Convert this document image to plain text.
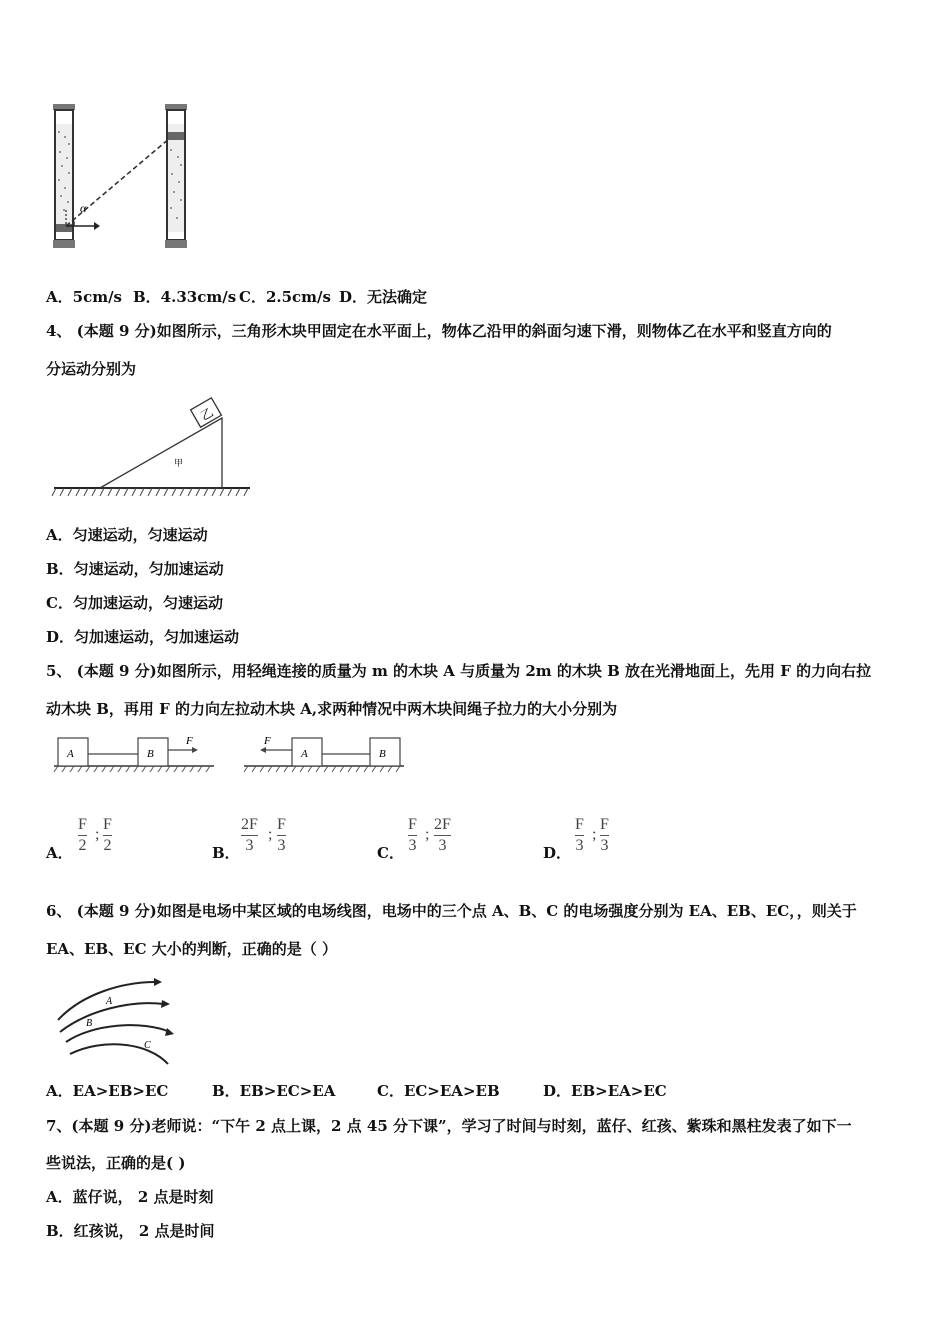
α
A．5cm/s B．4.33cm/s C．2.5cm/s D．无法确定
4、 (本题 9 分)如图所示，三角形木块甲固定在水平面上，物体乙沿甲的斜面匀速下滑，则物体乙在水平和竖直方向的
分运动分别为
乙
甲
A．匀速运动，匀速运动
B．匀速运动，匀加速运动
C．匀加速运动，匀速运动
D．匀加速运动，匀加速运动
5、 (本题 9 分)如图所示，用轻绳连接的质量为 m 的木块 A 与质量为 2m 的木块 B 放在光滑地面上，先用 F 的力向右拉
动木块 B，再用 F 的力向左拉动木块 A,求两种情况中两木块间绳子拉力的大小分别为
A	B
F	F
A	B
A．
F
2
;
F
2	B．
2F
3
;
F
3	C．
F
3
;
2F
3	D．
F
3
;
F
3
6、 (本题 9 分)如图是电场中某区域的电场线图，电场中的三个点 A、B、C 的电场强度分别为 EA、EB、EC，，则关于
EA、EB、EC 大小的判断，正确的是（ ）
A
B
C
A．EA>EB>EC	B．EB>EC>EA	C．EC>EA>EB	D．EB>EA>EC
7、(本题 9 分)老师说：“下午 2 点上课，2 点 45 分下课”，学习了时间与时刻，蓝仔、红孩、紫珠和黑柱发表了如下一
些说法，正确的是( )
A．蓝仔说， 2 点是时刻
B．红孩说， 2 点是时间
